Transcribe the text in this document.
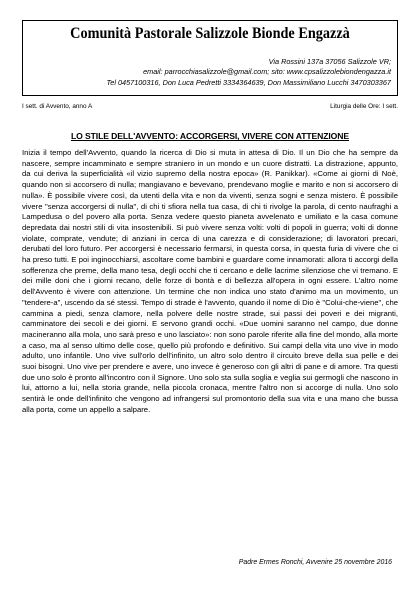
Comunità Pastorale Salizzole Bionde Engazzà
Via Rossini 137a 37056 Salizzole VR;
email: parrocchiasalizzole@gmail.com; sito: www.cpsalizzolebiondengazza.it
Tel 0457100316, Don Luca Pedretti 3334364639, Don Massimiliano Lucchi 3470303367
I sett. di Avvento, anno A	Liturgia delle Ore: I sett.
LO STILE DELL'AVVENTO: ACCORGERSI, VIVERE CON ATTENZIONE

Inizia il tempo dell'Avvento, quando la ricerca di Dio si muta in attesa di Dio. Il un Dio che ha sempre da nascere, sempre incamminato e sempre straniero in un mondo e un cuore distratti. La distrazione, appunto, da cui deriva la superficialità «il vizio supremo della nostra epoca» (R. Panikkar). «Come ai giorni di Noè, quando non si accorsero di nulla; mangiavano e bevevano, prendevano moglie e marito e non si accorsero di nulla». È possibile vivere così, da utenti della vita e non da viventi, senza sogni e senza mistero. È possibile vivere "senza accorgersi di nulla", di chi ti sfiora nella tua casa, di chi ti rivolge la parola, di cento naufraghi a Lampedusa o del povero alla porta. Senza vedere questo pianeta avvelenato e umiliato e la casa comune depredata dai nostri stili di vita insostenibili. Si può vivere senza volti: volti di popoli in guerra; volti di donne violate, comprate, vendute; di anziani in cerca di una carezza e di considerazione; di lavoratori precari, derubati del loro futuro. Per accorgersi è necessario fermarsi, in questa corsa, in questa furia di vivere che ci ha preso tutti. E poi inginocchiarsi, ascoltare come bambini e guardare come innamorati: allora ti accorgi della sofferenza che preme, della mano tesa, degli occhi che ti cercano e delle lacrime silenziose che vi tremano. E dei mille doni che i giorni recano, delle forze di bontà e di bellezza all'opera in ogni essere. L'altro nome dell'Avvento è vivere con attenzione. Un termine che non indica uno stato d'animo ma un movimento, un "tendere-a", uscendo da sé stessi. Tempo di strade è l'avvento, quando il nome di Dio è "Colui-che-viene", che cammina a piedi, senza clamore, nella polvere delle nostre strade, sui passi dei poveri e dei migranti, camminatore dei secoli e dei giorni. E servono grandi occhi. «Due uomini saranno nel campo, due donne macineranno alla mola, uno sarà preso e uno lasciato»: non sono parole riferite alla fine del mondo, alla morte a caso, ma al senso ultimo delle cose, quello più profondo e definitivo. Sui campi della vita uno vive in modo adulto, uno infantile. Uno vive sull'orlo dell'infinito, un altro solo dentro il circuito breve della sua pelle e dei suoi bisogni. Uno vive per prendere e avere, uno invece è generoso con gli altri di pane e di amore. Tra questi due uno solo è pronto all'incontro con il Signore. Uno solo sta sulla soglia e veglia sui germogli che nascono in lui, attorno a lui, nella storia grande, nella piccola cronaca, mentre l'altro non si accorge di nulla. Uno solo sentirà le onde dell'infinito che vengono ad infrangersi sul promontorio della sua vita e una mano che bussa alla porta, come un appello a salpare.

Padre Ermes Ronchi, Avvenire 25 novembre 2016
